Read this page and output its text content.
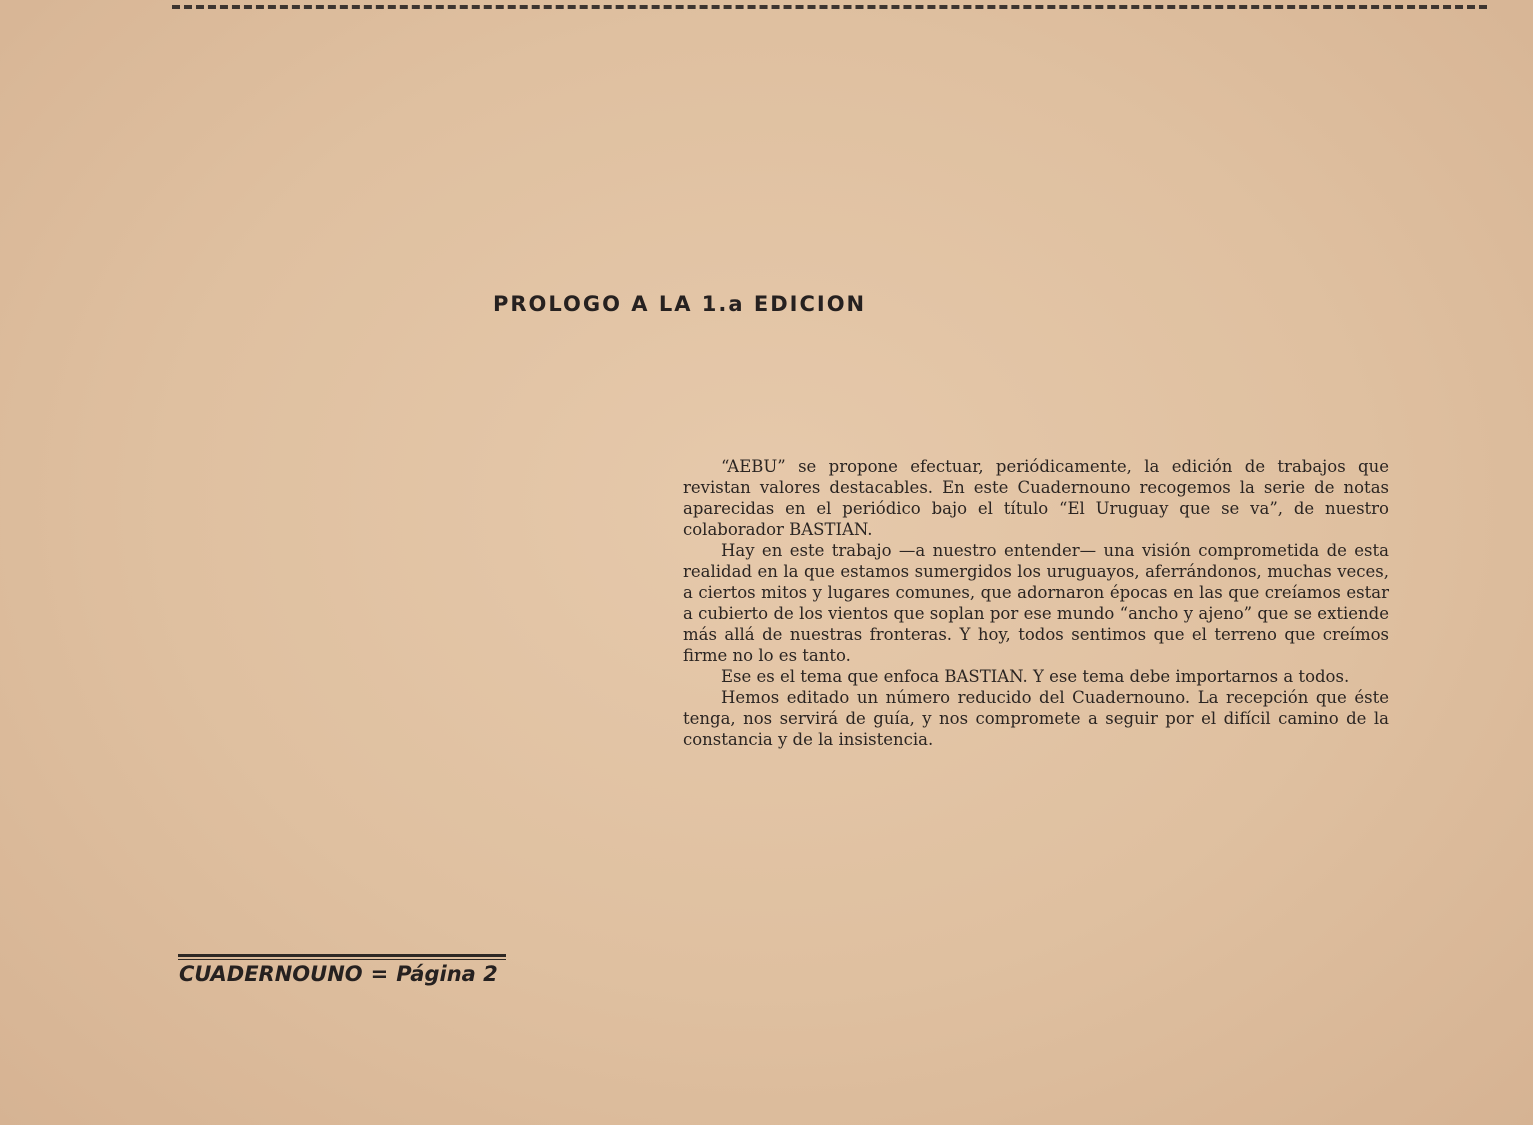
PROLOGO A LA 1.a EDICION

“AEBU” se propone efectuar, periódicamente, la edición de trabajos que revistan valores destacables. En este Cuadernouno recogemos la serie de notas aparecidas en el periódico bajo el título “El Uruguay que se va”, de nuestro colaborador BASTIAN.

Hay en este trabajo —a nuestro entender— una visión comprometida de esta realidad en la que estamos sumergidos los uruguayos, aferrándonos, muchas veces, a ciertos mitos y lugares comunes, que adornaron épocas en las que creíamos estar a cubierto de los vientos que soplan por ese mundo “ancho y ajeno” que se extiende más allá de nuestras fronteras. Y hoy, todos sentimos que el terreno que creímos firme no lo es tanto.

Ese es el tema que enfoca BASTIAN. Y ese tema debe importarnos a todos.

Hemos editado un número reducido del Cuadernouno. La recepción que éste tenga, nos servirá de guía, y nos compromete a seguir por el difícil camino de la constancia y de la insistencia.

CUADERNOUNO = Página 2
